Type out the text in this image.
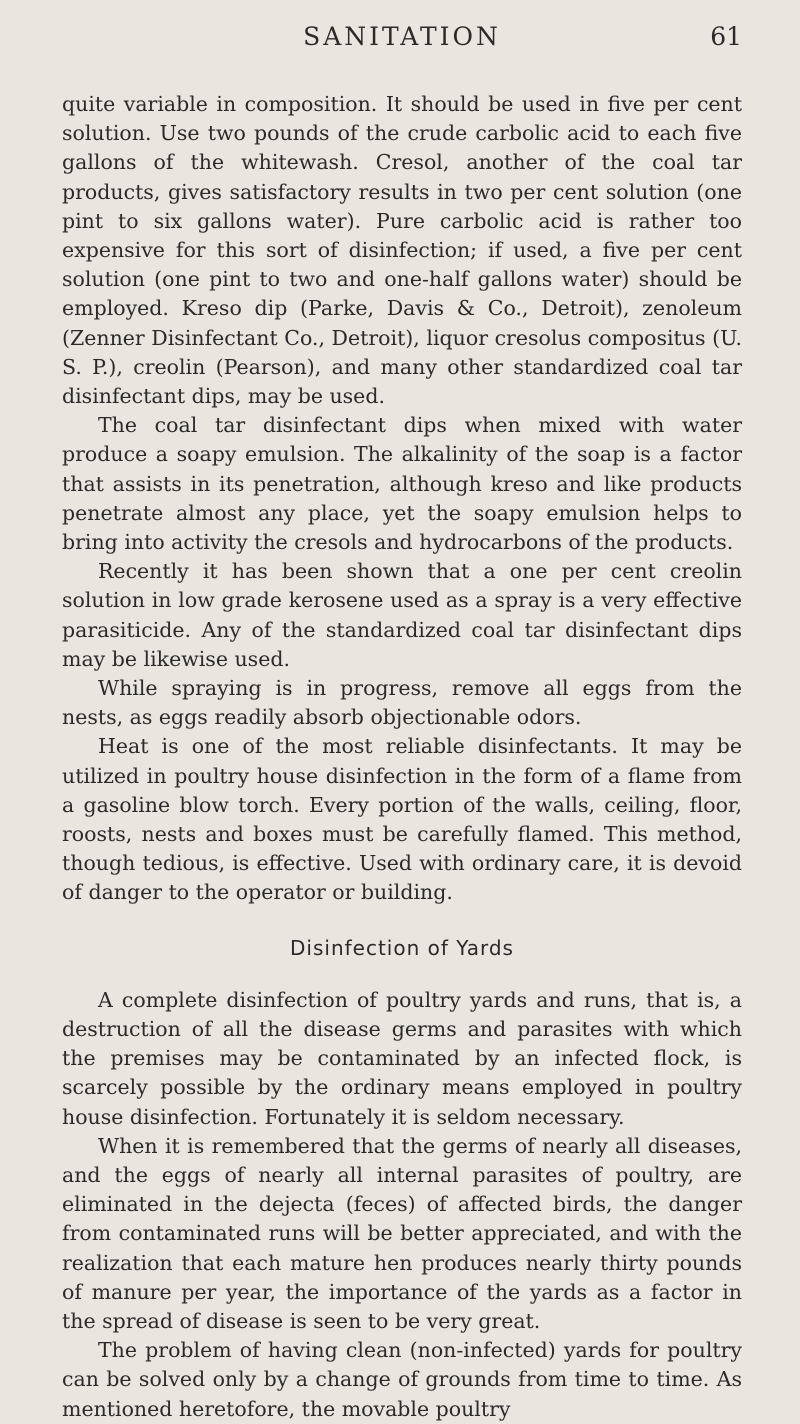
SANITATION	61

quite variable in composition. It should be used in five per cent solution. Use two pounds of the crude carbolic acid to each five gallons of the whitewash. Cresol, another of the coal tar products, gives satisfactory results in two per cent solution (one pint to six gallons water). Pure carbolic acid is rather too expensive for this sort of disinfection; if used, a five per cent solution (one pint to two and one-half gallons water) should be employed. Kreso dip (Parke, Davis & Co., Detroit), zenoleum (Zenner Disinfectant Co., Detroit), liquor cresolus compositus (U. S. P.), creolin (Pearson), and many other standardized coal tar disinfectant dips, may be used.

The coal tar disinfectant dips when mixed with water produce a soapy emulsion. The alkalinity of the soap is a factor that assists in its penetration, although kreso and like products penetrate almost any place, yet the soapy emulsion helps to bring into activity the cresols and hydrocarbons of the products.

Recently it has been shown that a one per cent creolin solution in low grade kerosene used as a spray is a very effective parasiticide. Any of the standardized coal tar disinfectant dips may be likewise used.

While spraying is in progress, remove all eggs from the nests, as eggs readily absorb objectionable odors.

Heat is one of the most reliable disinfectants. It may be utilized in poultry house disinfection in the form of a flame from a gasoline blow torch. Every portion of the walls, ceiling, floor, roosts, nests and boxes must be carefully flamed. This method, though tedious, is effective. Used with ordinary care, it is devoid of danger to the operator or building.

Disinfection of Yards

A complete disinfection of poultry yards and runs, that is, a destruction of all the disease germs and parasites with which the premises may be contaminated by an infected flock, is scarcely possible by the ordinary means employed in poultry house disinfection. Fortunately it is seldom necessary.

When it is remembered that the germs of nearly all diseases, and the eggs of nearly all internal parasites of poultry, are eliminated in the dejecta (feces) of affected birds, the danger from contaminated runs will be better appreciated, and with the realization that each mature hen produces nearly thirty pounds of manure per year, the importance of the yards as a factor in the spread of disease is seen to be very great.

The problem of having clean (non-infected) yards for poultry can be solved only by a change of grounds from time to time. As mentioned heretofore, the movable poultry
